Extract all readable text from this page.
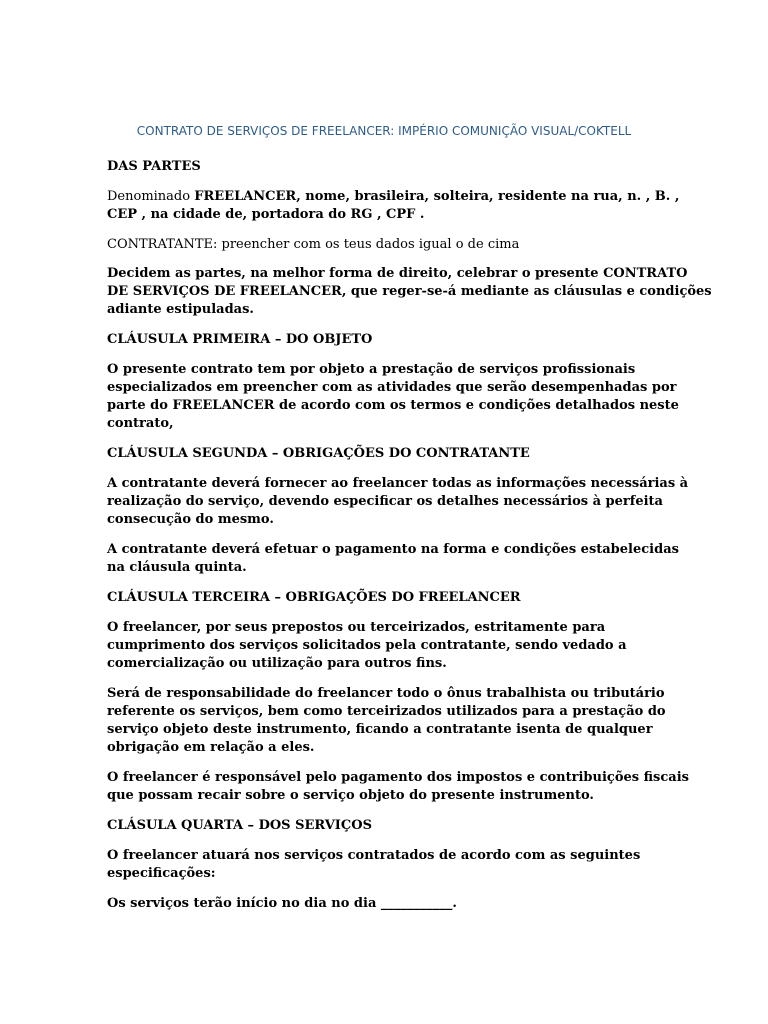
CONTRATO DE SERVIÇOS DE FREELANCER: IMPÉRIO COMUNIÇÃO VISUAL/COKTELL
DAS PARTES
Denominado FREELANCER, nome, brasileira, solteira, residente na rua, n. , B. ,
CEP , na cidade de, portadora do RG , CPF .
CONTRATANTE: preencher com os teus dados igual o de cima
Decidem as partes, na melhor forma de direito, celebrar o presente CONTRATO
DE SERVIÇOS DE FREELANCER, que reger-se-á mediante as cláusulas e condições
adiante estipuladas.
CLÁUSULA PRIMEIRA – DO OBJETO
O presente contrato tem por objeto a prestação de serviços profissionais
especializados em preencher com as atividades que serão desempenhadas por
parte do FREELANCER de acordo com os termos e condições detalhados neste
contrato,
CLÁUSULA SEGUNDA – OBRIGAÇÕES DO CONTRATANTE
A contratante deverá fornecer ao freelancer todas as informações necessárias à
realização do serviço, devendo especificar os detalhes necessários à perfeita
consecução do mesmo.
A contratante deverá efetuar o pagamento na forma e condições estabelecidas
na cláusula quinta.
CLÁUSULA TERCEIRA – OBRIGAÇÕES DO FREELANCER
O freelancer, por seus prepostos ou terceirizados, estritamente para
cumprimento dos serviços solicitados pela contratante, sendo vedado a
comercialização ou utilização para outros fins.
Será de responsabilidade do freelancer todo o ônus trabalhista ou tributário
referente os serviços, bem como terceirizados utilizados para a prestação do
serviço objeto deste instrumento, ficando a contratante isenta de qualquer
obrigação em relação a eles.
O freelancer é responsável pelo pagamento dos impostos e contribuições fiscais
que possam recair sobre o serviço objeto do presente instrumento.
CLÁSULA QUARTA – DOS SERVIÇOS
O freelancer atuará nos serviços contratados de acordo com as seguintes
especificações:
Os serviços terão início no dia no dia ___________.
